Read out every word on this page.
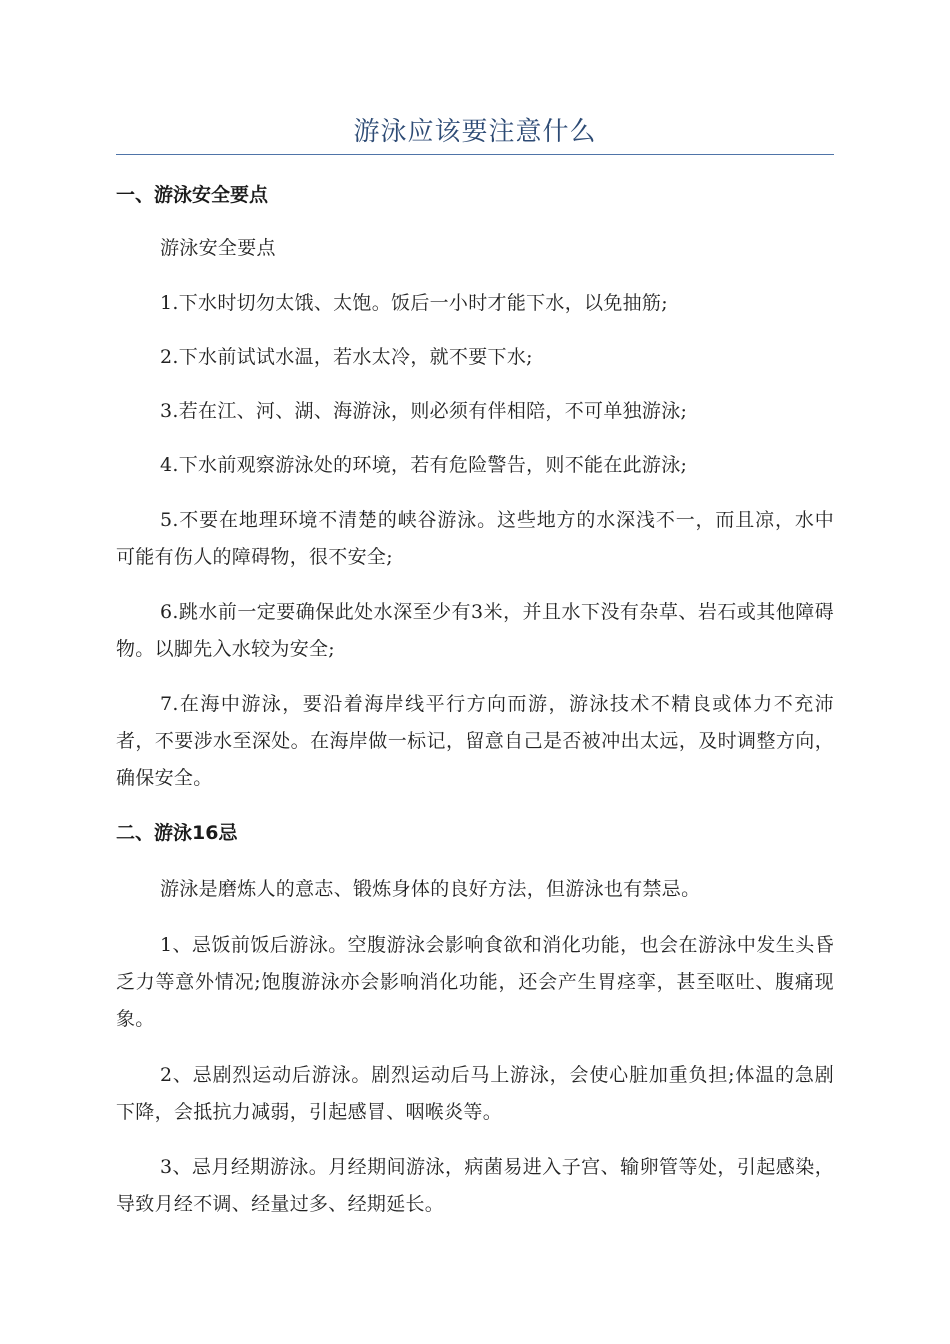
游泳应该要注意什么
一、游泳安全要点
游泳安全要点
1.下水时切勿太饿、太饱。饭后一小时才能下水，以免抽筋;
2.下水前试试水温，若水太冷，就不要下水;
3.若在江、河、湖、海游泳，则必须有伴相陪，不可单独游泳;
4.下水前观察游泳处的环境，若有危险警告，则不能在此游泳;
5.不要在地理环境不清楚的峡谷游泳。这些地方的水深浅不一，而且凉，水中可能有伤人的障碍物，很不安全;
6.跳水前一定要确保此处水深至少有3米，并且水下没有杂草、岩石或其他障碍物。以脚先入水较为安全;
7.在海中游泳，要沿着海岸线平行方向而游，游泳技术不精良或体力不充沛者，不要涉水至深处。在海岸做一标记，留意自己是否被冲出太远，及时调整方向，确保安全。
二、游泳16忌
游泳是磨炼人的意志、锻炼身体的良好方法，但游泳也有禁忌。
1、忌饭前饭后游泳。空腹游泳会影响食欲和消化功能，也会在游泳中发生头昏乏力等意外情况;饱腹游泳亦会影响消化功能，还会产生胃痉挛，甚至呕吐、腹痛现象。
2、忌剧烈运动后游泳。剧烈运动后马上游泳，会使心脏加重负担;体温的急剧下降，会抵抗力减弱，引起感冒、咽喉炎等。
3、忌月经期游泳。月经期间游泳，病菌易进入子宫、输卵管等处，引起感染，导致月经不调、经量过多、经期延长。
